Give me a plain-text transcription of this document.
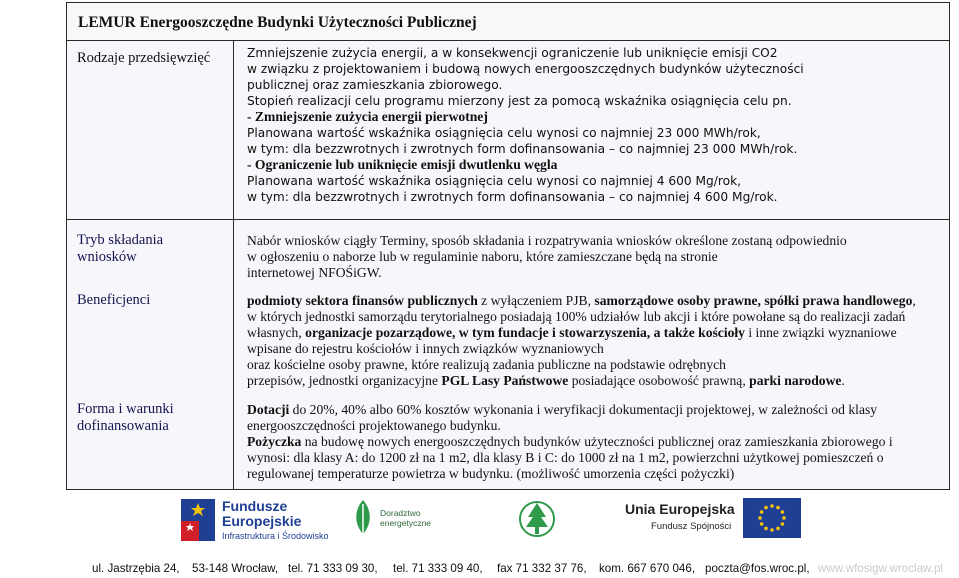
LEMUR Energooszczędne Budynki Użyteczności Publicznej
Rodzaje przedsięwzięć	Zmniejszenie zużycia energii, a w konsekwencji ograniczenie lub uniknięcie emisji CO2
w związku z projektowaniem i budową nowych energooszczędnych budynków użyteczności
publicznej oraz zamieszkania zbiorowego.
Stopień realizacji celu programu mierzony jest za pomocą wskaźnika osiągnięcia celu pn.
- Zmniejszenie zużycia energii pierwotnej
Planowana wartość wskaźnika osiągnięcia celu wynosi co najmniej 23 000 MWh/rok,
w tym: dla bezzwrotnych i zwrotnych form dofinansowania – co najmniej 23 000 MWh/rok.
- Ograniczenie lub uniknięcie emisji dwutlenku węgla
Planowana wartość wskaźnika osiągnięcia celu wynosi co najmniej 4 600 Mg/rok,
w tym: dla bezzwrotnych i zwrotnych form dofinansowania – co najmniej 4 600 Mg/rok.
Tryb składania
wniosków
Nabór wniosków ciągły Terminy, sposób składania i rozpatrywania wniosków określone zostaną odpowiednio
w ogłoszeniu o naborze lub w regulaminie naboru, które zamieszczane będą na stronie
internetowej NFOŚiGW.
Beneficjenci	podmioty sektora finansów publicznych z wyłączeniem PJB, samorządowe osoby prawne, spółki prawa handlowego,
w których jednostki samorządu terytorialnego posiadają 100% udziałów lub akcji i które powołane są do realizacji zadań
własnych, organizacje pozarządowe, w tym fundacje i stowarzyszenia, a także kościoły i inne związki wyznaniowe
wpisane do rejestru kościołów i innych związków wyznaniowych
oraz kościelne osoby prawne, które realizują zadania publiczne na podstawie odrębnych
przepisów, jednostki organizacyjne PGL Lasy Państwowe posiadające osobowość prawną, parki narodowe.
Forma i warunki
dofinansowania
Dotacji do 20%, 40% albo 60% kosztów wykonania i weryfikacji dokumentacji projektowej, w zależności od klasy
energooszczędności projektowanego budynku.
Pożyczka na budowę nowych energooszczędnych budynków użyteczności publicznej oraz zamieszkania zbiorowego i
wynosi: dla klasy A: do 1200 zł na 1 m2, dla klasy B i C: do 1000 zł na 1 m2, powierzchni użytkowej pomieszczeń o
regulowanej temperaturze powietrza w budynku. (możliwość umorzenia części pożyczki)
Fundusze
Europejskie
Infrastruktura i Środowisko
Doradztwo
energetyczne
Unia Europejska
Fundusz Spójności
ul. Jastrzębia 24, 53-148 Wrocław, tel. 71 333 09 30, tel. 71 333 09 40, fax 71 332 37 76, kom. 667 670 046, poczta@fos.wroc.pl, www.wfosigw.wroclaw.pl
